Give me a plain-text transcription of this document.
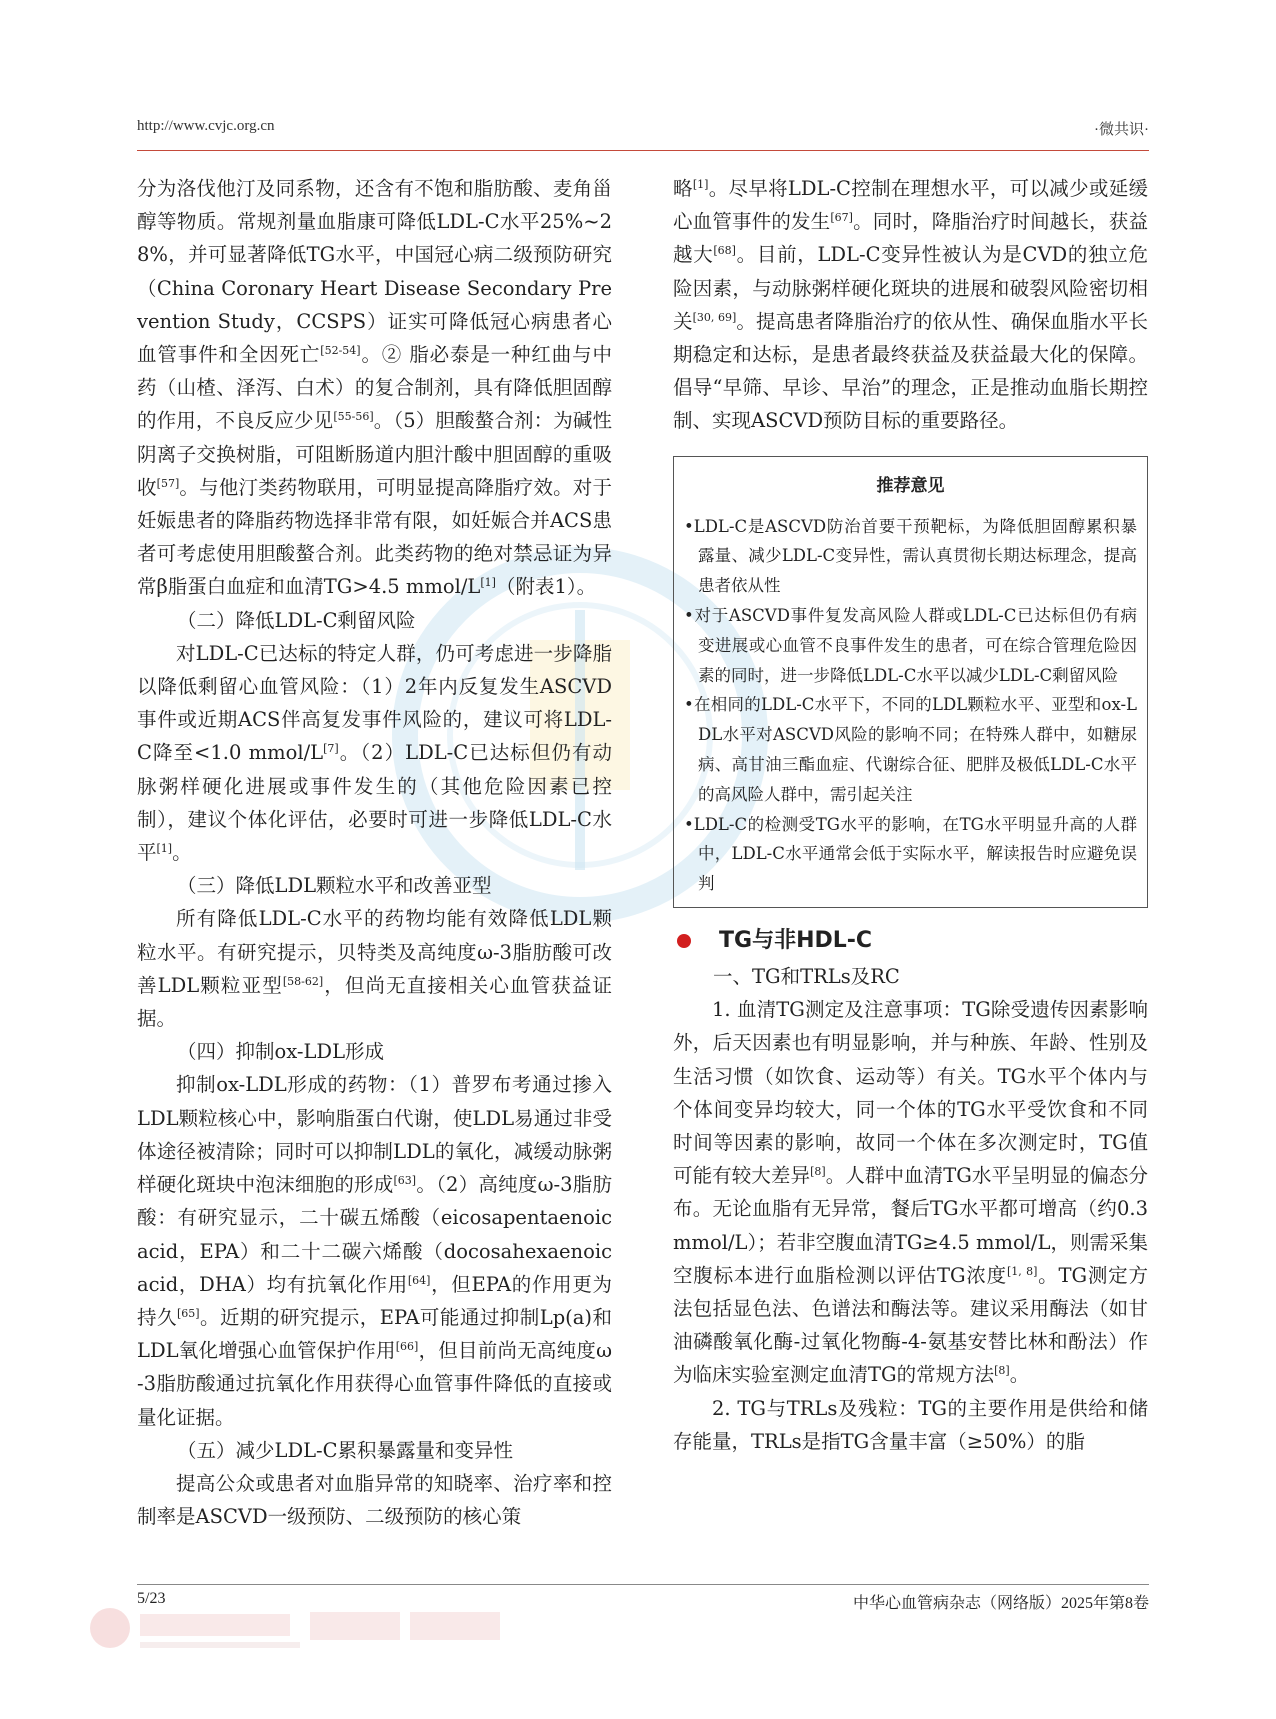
http://www.cvjc.org.cn	·微共识·

分为洛伐他汀及同系物，还含有不饱和脂肪酸、麦角甾醇等物质。常规剂量血脂康可降低LDL-C水平25%~28%，并可显著降低TG水平，中国冠心病二级预防研究（China Coronary Heart Disease Secondary Prevention Study，CCSPS）证实可降低冠心病患者心血管事件和全因死亡[52-54]。② 脂必泰是一种红曲与中药（山楂、泽泻、白术）的复合制剂，具有降低胆固醇的作用，不良反应少见[55-56]。（5）胆酸螯合剂：为碱性阴离子交换树脂，可阻断肠道内胆汁酸中胆固醇的重吸收[57]。与他汀类药物联用，可明显提高降脂疗效。对于妊娠患者的降脂药物选择非常有限，如妊娠合并ACS患者可考虑使用胆酸螯合剂。此类药物的绝对禁忌证为异常β脂蛋白血症和血清TG>4.5 mmol/L[1]（附表1）。

（二）降低LDL-C剩留风险

对LDL-C已达标的特定人群，仍可考虑进一步降脂以降低剩留心血管风险：（1）2年内反复发生ASCVD事件或近期ACS伴高复发事件风险的，建议可将LDL-C降至<1.0 mmol/L[7]。（2）LDL-C已达标但仍有动脉粥样硬化进展或事件发生的（其他危险因素已控制），建议个体化评估，必要时可进一步降低LDL-C水平[1]。

（三）降低LDL颗粒水平和改善亚型

所有降低LDL-C水平的药物均能有效降低LDL颗粒水平。有研究提示，贝特类及高纯度ω-3脂肪酸可改善LDL颗粒亚型[58-62]，但尚无直接相关心血管获益证据。

（四）抑制ox-LDL形成

抑制ox-LDL形成的药物：（1）普罗布考通过掺入LDL颗粒核心中，影响脂蛋白代谢，使LDL易通过非受体途径被清除；同时可以抑制LDL的氧化，减缓动脉粥样硬化斑块中泡沫细胞的形成[63]。（2）高纯度ω-3脂肪酸：有研究显示，二十碳五烯酸（eicosapentaenoic acid，EPA）和二十二碳六烯酸（docosahexaenoic acid，DHA）均有抗氧化作用[64]，但EPA的作用更为持久[65]。近期的研究提示，EPA可能通过抑制Lp(a)和LDL氧化增强心血管保护作用[66]，但目前尚无高纯度ω-3脂肪酸通过抗氧化作用获得心血管事件降低的直接或量化证据。

（五）减少LDL-C累积暴露量和变异性

提高公众或患者对血脂异常的知晓率、治疗率和控制率是ASCVD一级预防、二级预防的核心策

略[1]。尽早将LDL-C控制在理想水平，可以减少或延缓心血管事件的发生[67]。同时，降脂治疗时间越长，获益越大[68]。目前，LDL-C变异性被认为是CVD的独立危险因素，与动脉粥样硬化斑块的进展和破裂风险密切相关[30, 69]。提高患者降脂治疗的依从性、确保血脂水平长期稳定和达标，是患者最终获益及获益最大化的保障。倡导“早筛、早诊、早治”的理念，正是推动血脂长期控制、实现ASCVD预防目标的重要路径。

推荐意见

•LDL-C是ASCVD防治首要干预靶标，为降低胆固醇累积暴露量、减少LDL-C变异性，需认真贯彻长期达标理念，提高患者依从性

•对于ASCVD事件复发高风险人群或LDL-C已达标但仍有病变进展或心血管不良事件发生的患者，可在综合管理危险因素的同时，进一步降低LDL-C水平以减少LDL-C剩留风险

•在相同的LDL-C水平下，不同的LDL颗粒水平、亚型和ox-LDL水平对ASCVD风险的影响不同；在特殊人群中，如糖尿病、高甘油三酯血症、代谢综合征、肥胖及极低LDL-C水平的高风险人群中，需引起关注

•LDL-C的检测受TG水平的影响，在TG水平明显升高的人群中，LDL-C水平通常会低于实际水平，解读报告时应避免误判

TG与非HDL-C

一、TG和TRLs及RC

1. 血清TG测定及注意事项：TG除受遗传因素影响外，后天因素也有明显影响，并与种族、年龄、性别及生活习惯（如饮食、运动等）有关。TG水平个体内与个体间变异均较大，同一个体的TG水平受饮食和不同时间等因素的影响，故同一个体在多次测定时，TG值可能有较大差异[8]。人群中血清TG水平呈明显的偏态分布。无论血脂有无异常，餐后TG水平都可增高（约0.3 mmol/L）；若非空腹血清TG≥4.5 mmol/L，则需采集空腹标本进行血脂检测以评估TG浓度[1, 8]。TG测定方法包括显色法、色谱法和酶法等。建议采用酶法（如甘油磷酸氧化酶-过氧化物酶-4-氨基安替比林和酚法）作为临床实验室测定血清TG的常规方法[8]。

2. TG与TRLs及残粒：TG的主要作用是供给和储存能量，TRLs是指TG含量丰富（≥50%）的脂

5/23	中华心血管病杂志（网络版）2025年第8卷
